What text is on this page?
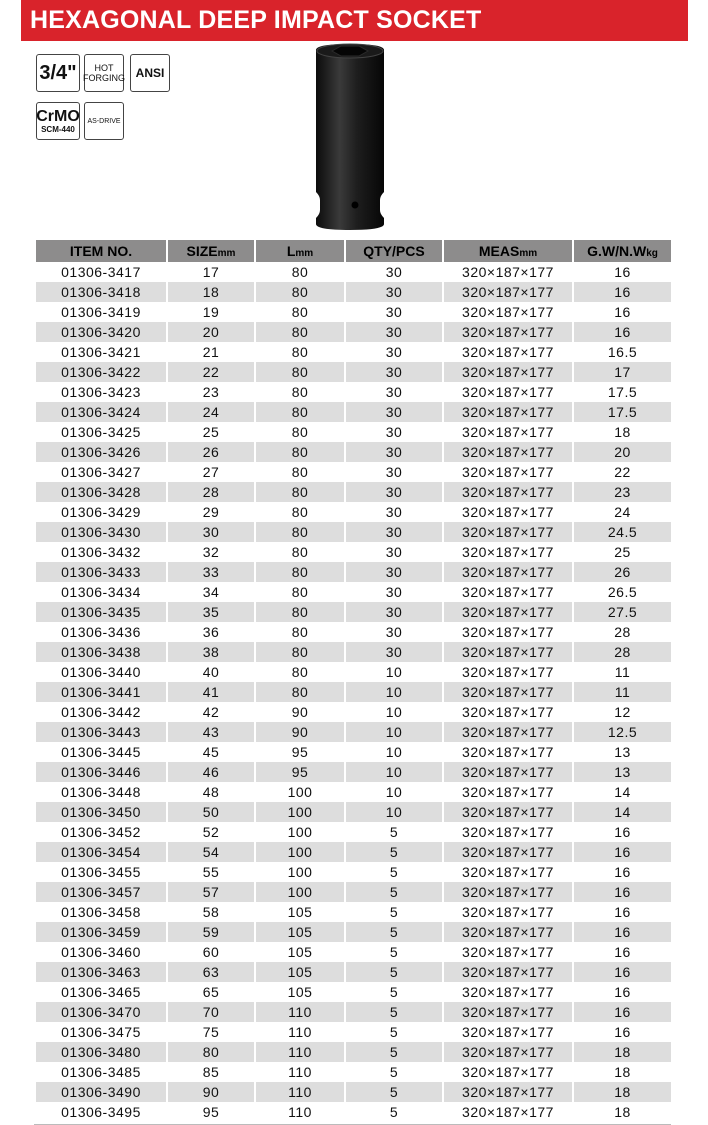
HEXAGONAL DEEP IMPACT SOCKET
3/4" HOT
FORGING ANSI
CrMO
SCM-440
AS-DRIVE
ITEM NO.	SIZEmm	Lmm	QTY/PCS	MEASmm	G.W/N.Wkg
01306-3417	17	80	30	320×187×177	16
01306-3418	18	80	30	320×187×177	16
01306-3419	19	80	30	320×187×177	16
01306-3420	20	80	30	320×187×177	16
01306-3421	21	80	30	320×187×177	16.5
01306-3422	22	80	30	320×187×177	17
01306-3423	23	80	30	320×187×177	17.5
01306-3424	24	80	30	320×187×177	17.5
01306-3425	25	80	30	320×187×177	18
01306-3426	26	80	30	320×187×177	20
01306-3427	27	80	30	320×187×177	22
01306-3428	28	80	30	320×187×177	23
01306-3429	29	80	30	320×187×177	24
01306-3430	30	80	30	320×187×177	24.5
01306-3432	32	80	30	320×187×177	25
01306-3433	33	80	30	320×187×177	26
01306-3434	34	80	30	320×187×177	26.5
01306-3435	35	80	30	320×187×177	27.5
01306-3436	36	80	30	320×187×177	28
01306-3438	38	80	30	320×187×177	28
01306-3440	40	80	10	320×187×177	11
01306-3441	41	80	10	320×187×177	11
01306-3442	42	90	10	320×187×177	12
01306-3443	43	90	10	320×187×177	12.5
01306-3445	45	95	10	320×187×177	13
01306-3446	46	95	10	320×187×177	13
01306-3448	48	100	10	320×187×177	14
01306-3450	50	100	10	320×187×177	14
01306-3452	52	100	5	320×187×177	16
01306-3454	54	100	5	320×187×177	16
01306-3455	55	100	5	320×187×177	16
01306-3457	57	100	5	320×187×177	16
01306-3458	58	105	5	320×187×177	16
01306-3459	59	105	5	320×187×177	16
01306-3460	60	105	5	320×187×177	16
01306-3463	63	105	5	320×187×177	16
01306-3465	65	105	5	320×187×177	16
01306-3470	70	110	5	320×187×177	16
01306-3475	75	110	5	320×187×177	16
01306-3480	80	110	5	320×187×177	18
01306-3485	85	110	5	320×187×177	18
01306-3490	90	110	5	320×187×177	18
01306-3495	95	110	5	320×187×177	18
